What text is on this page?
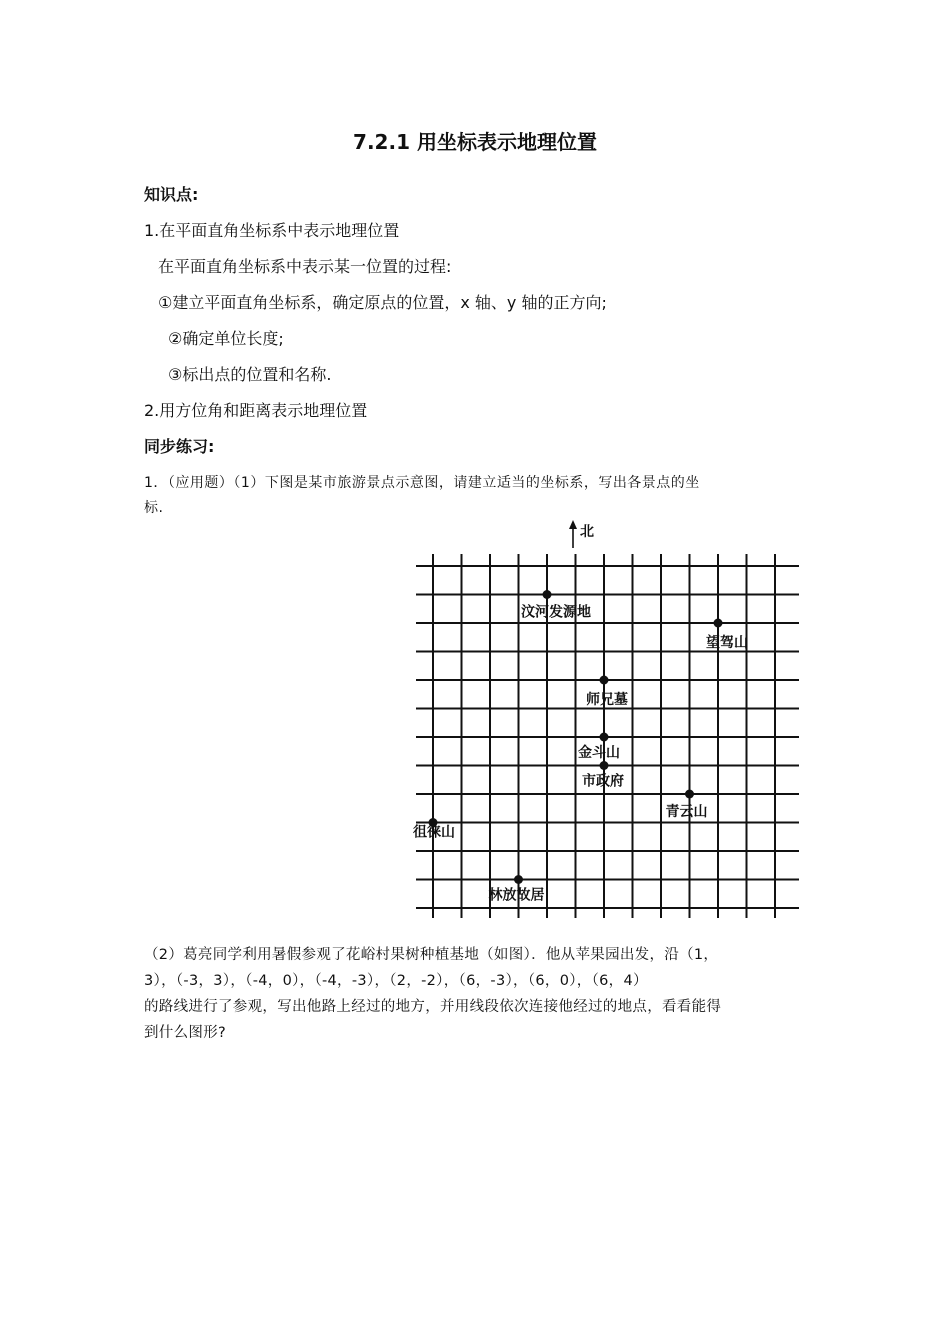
7.2.1 用坐标表示地理位置
知识点:
1.在平面直角坐标系中表示地理位置
在平面直角坐标系中表示某一位置的过程:
①建立平面直角坐标系，确定原点的位置，x 轴、y 轴的正方向;
②确定单位长度;
③标出点的位置和名称.
2.用方位角和距离表示地理位置
同步练习:
1．（应用题）（1）下图是某市旅游景点示意图，请建立适当的坐标系，写出各景点的坐
标.
北
汶河发源地
望驾山
师兄墓
金斗山
市政府
青云山
徂徕山
林放故居
（2）葛亮同学利用暑假参观了花峪村果树种植基地（如图）．他从苹果园出发，沿（1，
3），（-3，3），（-4，0），（-4，-3），（2，-2），（6，-3），（6，0），（6，4）
的路线进行了参观，写出他路上经过的地方，并用线段依次连接他经过的地点，看看能得
到什么图形?
